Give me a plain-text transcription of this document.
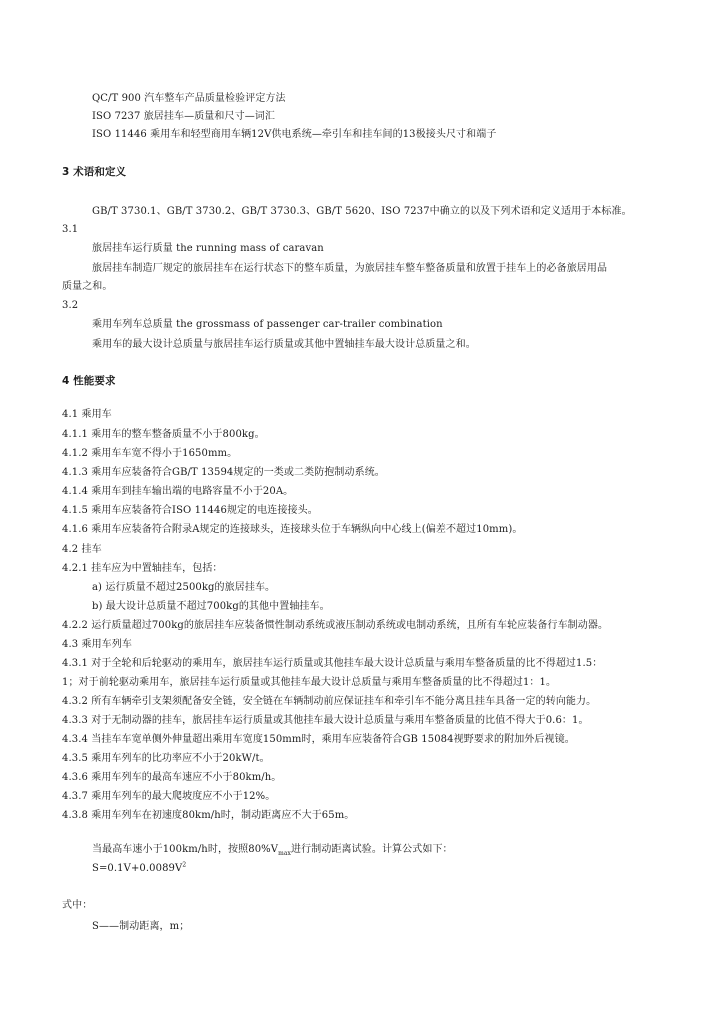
QC/T 900 汽车整车产品质量检验评定方法
ISO 7237 旅居挂车—质量和尺寸—词汇
ISO 11446 乘用车和轻型商用车辆12V供电系统—牵引车和挂车间的13极接头尺寸和端子
3 术语和定义
GB/T 3730.1、GB/T 3730.2、GB/T 3730.3、GB/T 5620、ISO 7237中确立的以及下列术语和定义适用于本标准。
3.1
旅居挂车运行质量 the running mass of caravan
旅居挂车制造厂规定的旅居挂车在运行状态下的整车质量，为旅居挂车整车整备质量和放置于挂车上的必备旅居用品
质量之和。
3.2
乘用车列车总质量 the grossmass of passenger car-trailer combination
乘用车的最大设计总质量与旅居挂车运行质量或其他中置轴挂车最大设计总质量之和。
4 性能要求
4.1 乘用车
4.1.1 乘用车的整车整备质量不小于800kg。
4.1.2 乘用车车宽不得小于1650mm。
4.1.3 乘用车应装备符合GB/T 13594规定的一类或二类防抱制动系统。
4.1.4 乘用车到挂车输出端的电路容量不小于20A。
4.1.5 乘用车应装备符合ISO 11446规定的电连接接头。
4.1.6 乘用车应装备符合附录A规定的连接球头，连接球头位于车辆纵向中心线上(偏差不超过10mm)。
4.2 挂车
4.2.1 挂车应为中置轴挂车，包括：
a) 运行质量不超过2500kg的旅居挂车。
b) 最大设计总质量不超过700kg的其他中置轴挂车。
4.2.2 运行质量超过700kg的旅居挂车应装备惯性制动系统或液压制动系统或电制动系统，且所有车轮应装备行车制动器。
4.3 乘用车列车
4.3.1 对于全轮和后轮驱动的乘用车，旅居挂车运行质量或其他挂车最大设计总质量与乘用车整备质量的比不得超过1.5：
1；对于前轮驱动乘用车，旅居挂车运行质量或其他挂车最大设计总质量与乘用车整备质量的比不得超过1：1。
4.3.2 所有车辆牵引支架须配备安全链，安全链在车辆制动前应保证挂车和牵引车不能分离且挂车具备一定的转向能力。
4.3.3 对于无制动器的挂车，旅居挂车运行质量或其他挂车最大设计总质量与乘用车整备质量的比值不得大于0.6：1。
4.3.4 当挂车车宽单侧外伸量超出乘用车宽度150mm时，乘用车应装备符合GB 15084视野要求的附加外后视镜。
4.3.5 乘用车列车的比功率应不小于20kW/t。
4.3.6 乘用车列车的最高车速应不小于80km/h。
4.3.7 乘用车列车的最大爬坡度应不小于12%。
4.3.8 乘用车列车在初速度80km/h时，制动距离应不大于65m。
当最高车速小于100km/h时，按照$80\%V_{max}$进行制动距离试验。计算公式如下：
$S=0.1V+0.0089V^2$
式中：
S——制动距离，m；
